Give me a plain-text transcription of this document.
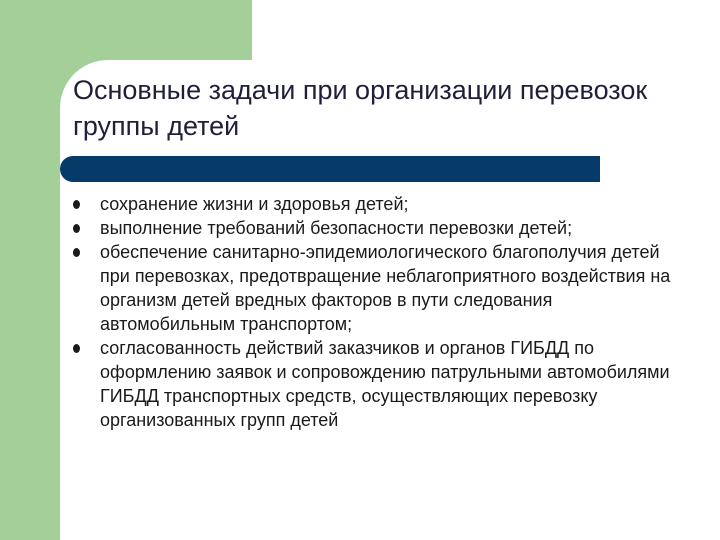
Основные задачи при организации перевозок группы детей
сохранение жизни и здоровья детей;
выполнение требований безопасности перевозки детей;
обеспечение санитарно-эпидемиологического благополучия детей при перевозках, предотвращение неблагоприятного воздействия на организм детей вредных факторов в пути следования автомобильным транспортом;
согласованность действий заказчиков и органов ГИБДД по оформлению заявок и сопровождению патрульными автомобилями ГИБДД транспортных средств, осуществляющих перевозку организованных групп детей
